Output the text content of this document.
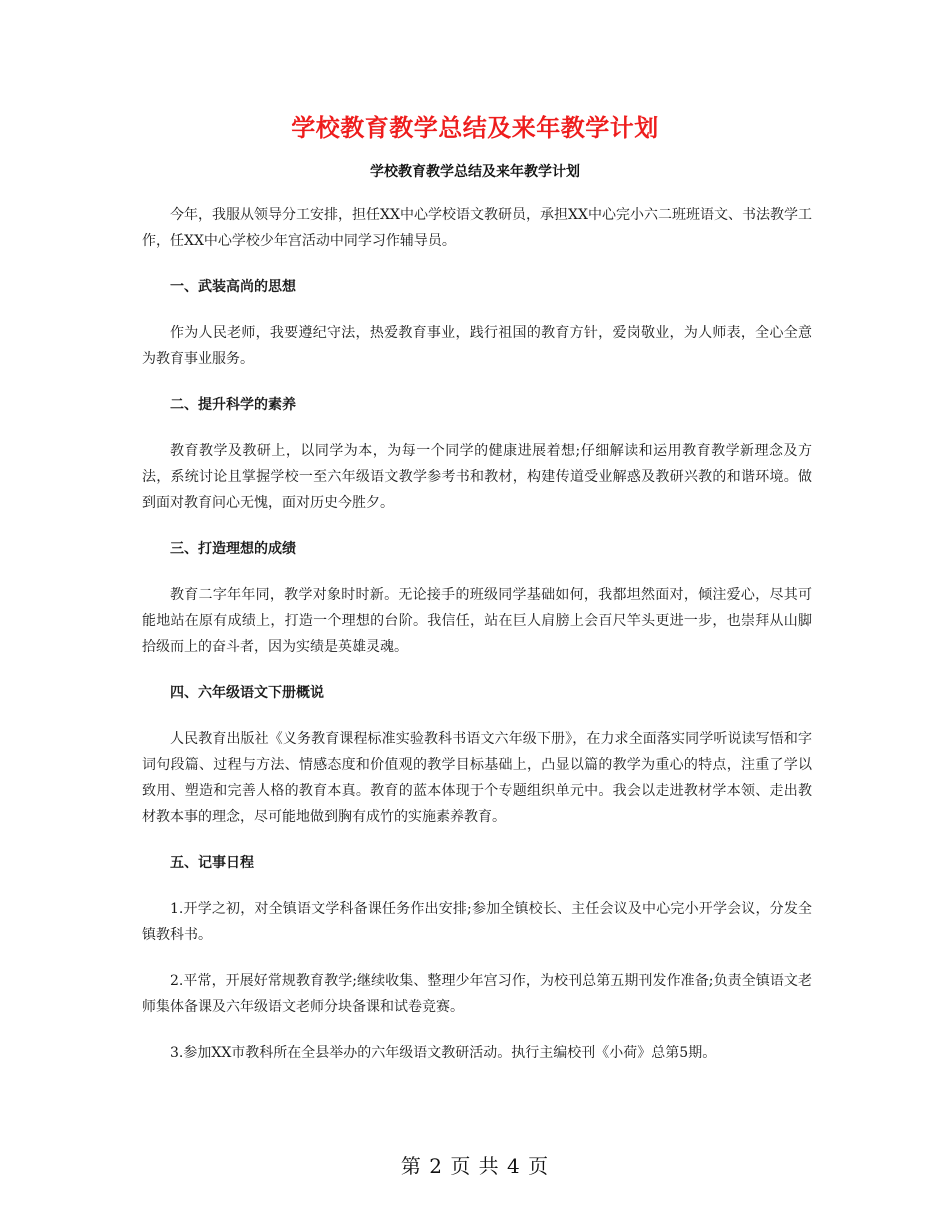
学校教育教学总结及来年教学计划
学校教育教学总结及来年教学计划

今年，我服从领导分工安排，担任XX中心学校语文教研员，承担XX中心完小六二班班语文、书法教学工作，任XX中心学校少年宫活动中同学习作辅导员。

一、武装高尚的思想

作为人民老师，我要遵纪守法，热爱教育事业，践行祖国的教育方针，爱岗敬业，为人师表，全心全意为教育事业服务。

二、提升科学的素养

教育教学及教研上，以同学为本，为每一个同学的健康进展着想;仔细解读和运用教育教学新理念及方法，系统讨论且掌握学校一至六年级语文教学参考书和教材，构建传道受业解惑及教研兴教的和谐环境。做到面对教育问心无愧，面对历史今胜夕。

三、打造理想的成绩

教育二字年年同，教学对象时时新。无论接手的班级同学基础如何，我都坦然面对，倾注爱心，尽其可能地站在原有成绩上，打造一个理想的台阶。我信任，站在巨人肩膀上会百尺竿头更进一步，也崇拜从山脚拾级而上的奋斗者，因为实绩是英雄灵魂。

四、六年级语文下册概说

人民教育出版社《义务教育课程标准实验教科书语文六年级下册》，在力求全面落实同学听说读写悟和字词句段篇、过程与方法、情感态度和价值观的教学目标基础上，凸显以篇的教学为重心的特点，注重了学以致用、塑造和完善人格的教育本真。教育的蓝本体现于个专题组织单元中。我会以走进教材学本领、走出教材教本事的理念，尽可能地做到胸有成竹的实施素养教育。

五、记事日程

1.开学之初，对全镇语文学科备课任务作出安排;参加全镇校长、主任会议及中心完小开学会议，分发全镇教科书。

2.平常，开展好常规教育教学;继续收集、整理少年宫习作，为校刊总第五期刊发作准备;负责全镇语文老师集体备课及六年级语文老师分块备课和试卷竞赛。

3.参加XX市教科所在全县举办的六年级语文教研活动。执行主编校刊《小荷》总第5期。

第 2 页 共 4 页
